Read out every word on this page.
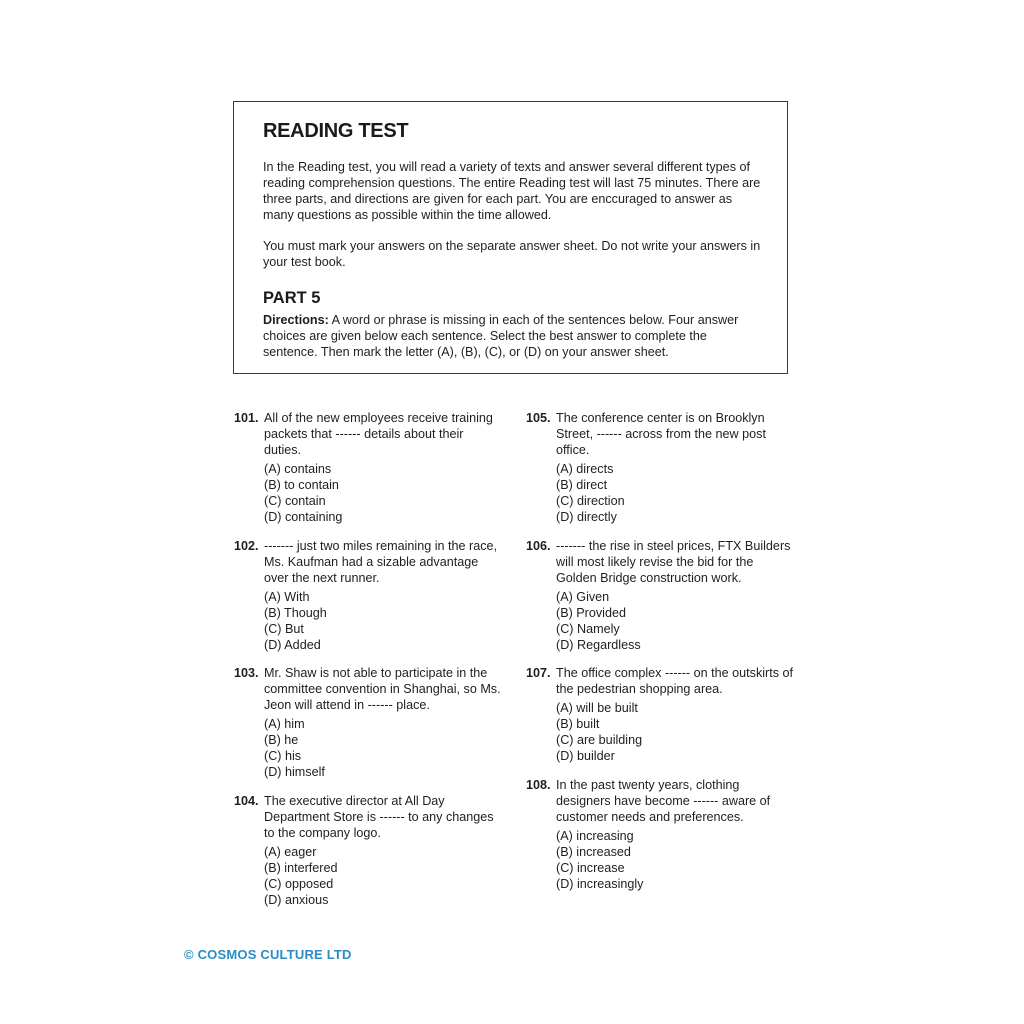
READING TEST

In the Reading test, you will read a variety of texts and answer several different types of reading comprehension questions. The entire Reading test will last 75 minutes. There are three parts, and directions are given for each part. You are enccuraged to answer as many questions as possible within the time allowed.

You must mark your answers on the separate answer sheet. Do not write your answers in your test book.

PART 5

Directions: A word or phrase is missing in each of the sentences below. Four answer choices are given below each sentence. Select the best answer to complete the sentence. Then mark the letter (A), (B), (C), or (D) on your answer sheet.

101. All of the new employees receive training packets that ------ details about their duties.
(A) contains
(B) to contain
(C) contain
(D) containing
102. ------- just two miles remaining in the race, Ms. Kaufman had a sizable advantage over the next runner.
(A) With
(B) Though
(C) But
(D) Added
103. Mr. Shaw is not able to participate in the committee convention in Shanghai, so Ms. Jeon will attend in ------ place.
(A) him
(B) he
(C) his
(D) himself
104. The executive director at All Day Department Store is ------ to any changes to the company logo.
(A) eager
(B) interfered
(C) opposed
(D) anxious
105. The conference center is on Brooklyn Street, ------ across from the new post office.
(A) directs
(B) direct
(C) direction
(D) directly
106. ------- the rise in steel prices, FTX Builders will most likely revise the bid for the Golden Bridge construction work.
(A) Given
(B) Provided
(C) Namely
(D) Regardless
107. The office complex ------ on the outskirts of the pedestrian shopping area.
(A) will be built
(B) built
(C) are building
(D) builder
108. In the past twenty years, clothing designers have become ------ aware of customer needs and preferences.
(A) increasing
(B) increased
(C) increase
(D) increasingly
© COSMOS CULTURE LTD
